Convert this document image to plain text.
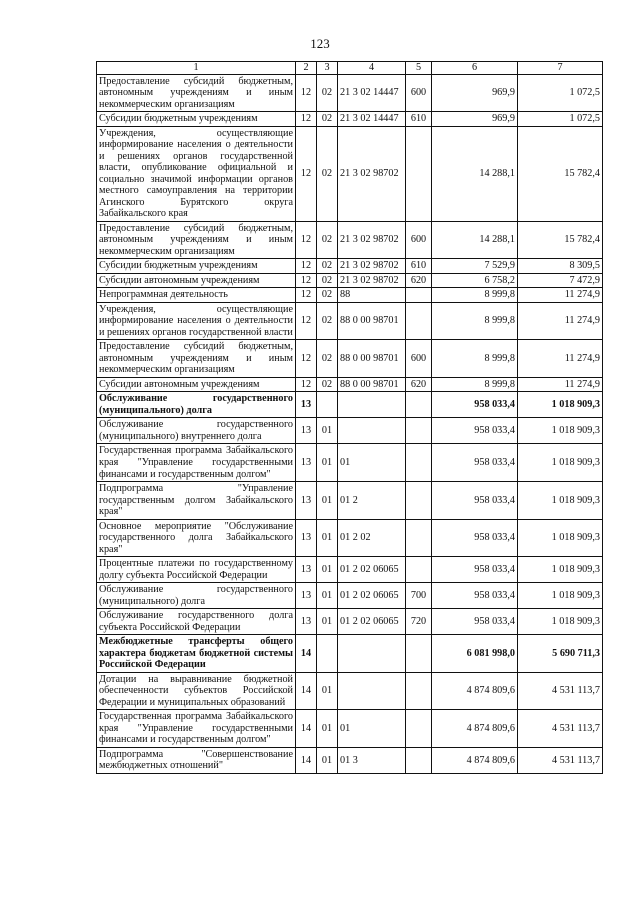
123
1	2	3	4	5	6	7
Предоставление субсидий бюджетным, автономным учреждениям и иным некоммерческим организациям	12	02	21 3 02 14447	600	969,9	1 072,5
Субсидии бюджетным учреждениям	12	02	21 3 02 14447	610	969,9	1 072,5
Учреждения, осуществляющие информирование населения о деятельности и решениях органов государственной власти, опубликование официальной и социально значимой информации органов местного самоуправления на территории Агинского Бурятского округа Забайкальского края	12	02	21 3 02 98702		14 288,1	15 782,4
Предоставление субсидий бюджетным, автономным учреждениям и иным некоммерческим организациям	12	02	21 3 02 98702	600	14 288,1	15 782,4
Субсидии бюджетным учреждениям	12	02	21 3 02 98702	610	7 529,9	8 309,5
Субсидии автономным учреждениям	12	02	21 3 02 98702	620	6 758,2	7 472,9
Непрограммная деятельность	12	02	88		8 999,8	11 274,9
Учреждения, осуществляющие информирование населения о деятельности и решениях органов государственной власти	12	02	88 0 00 98701		8 999,8	11 274,9
Предоставление субсидий бюджетным, автономным учреждениям и иным некоммерческим организациям	12	02	88 0 00 98701	600	8 999,8	11 274,9
Субсидии автономным учреждениям	12	02	88 0 00 98701	620	8 999,8	11 274,9
Обслуживание государственного (муниципального) долга	13				958 033,4	1 018 909,3
Обслуживание государственного (муниципального) внутреннего долга	13	01			958 033,4	1 018 909,3
Государственная программа Забайкальского края "Управление государственными финансами и государственным долгом"	13	01	01		958 033,4	1 018 909,3
Подпрограмма "Управление государственным долгом Забайкальского края"	13	01	01 2		958 033,4	1 018 909,3
Основное мероприятие "Обслуживание государственного долга Забайкальского края"	13	01	01 2 02		958 033,4	1 018 909,3
Процентные платежи по государственному долгу субъекта Российской Федерации	13	01	01 2 02 06065		958 033,4	1 018 909,3
Обслуживание государственного (муниципального) долга	13	01	01 2 02 06065	700	958 033,4	1 018 909,3
Обслуживание государственного долга субъекта Российской Федерации	13	01	01 2 02 06065	720	958 033,4	1 018 909,3
Межбюджетные трансферты общего характера бюджетам бюджетной системы Российской Федерации	14				6 081 998,0	5 690 711,3
Дотации на выравнивание бюджетной обеспеченности субъектов Российской Федерации и муниципальных образований	14	01			4 874 809,6	4 531 113,7
Государственная программа Забайкальского края "Управление государственными финансами и государственным долгом"	14	01	01		4 874 809,6	4 531 113,7
Подпрограмма "Совершенствование межбюджетных отношений"	14	01	01 3		4 874 809,6	4 531 113,7
